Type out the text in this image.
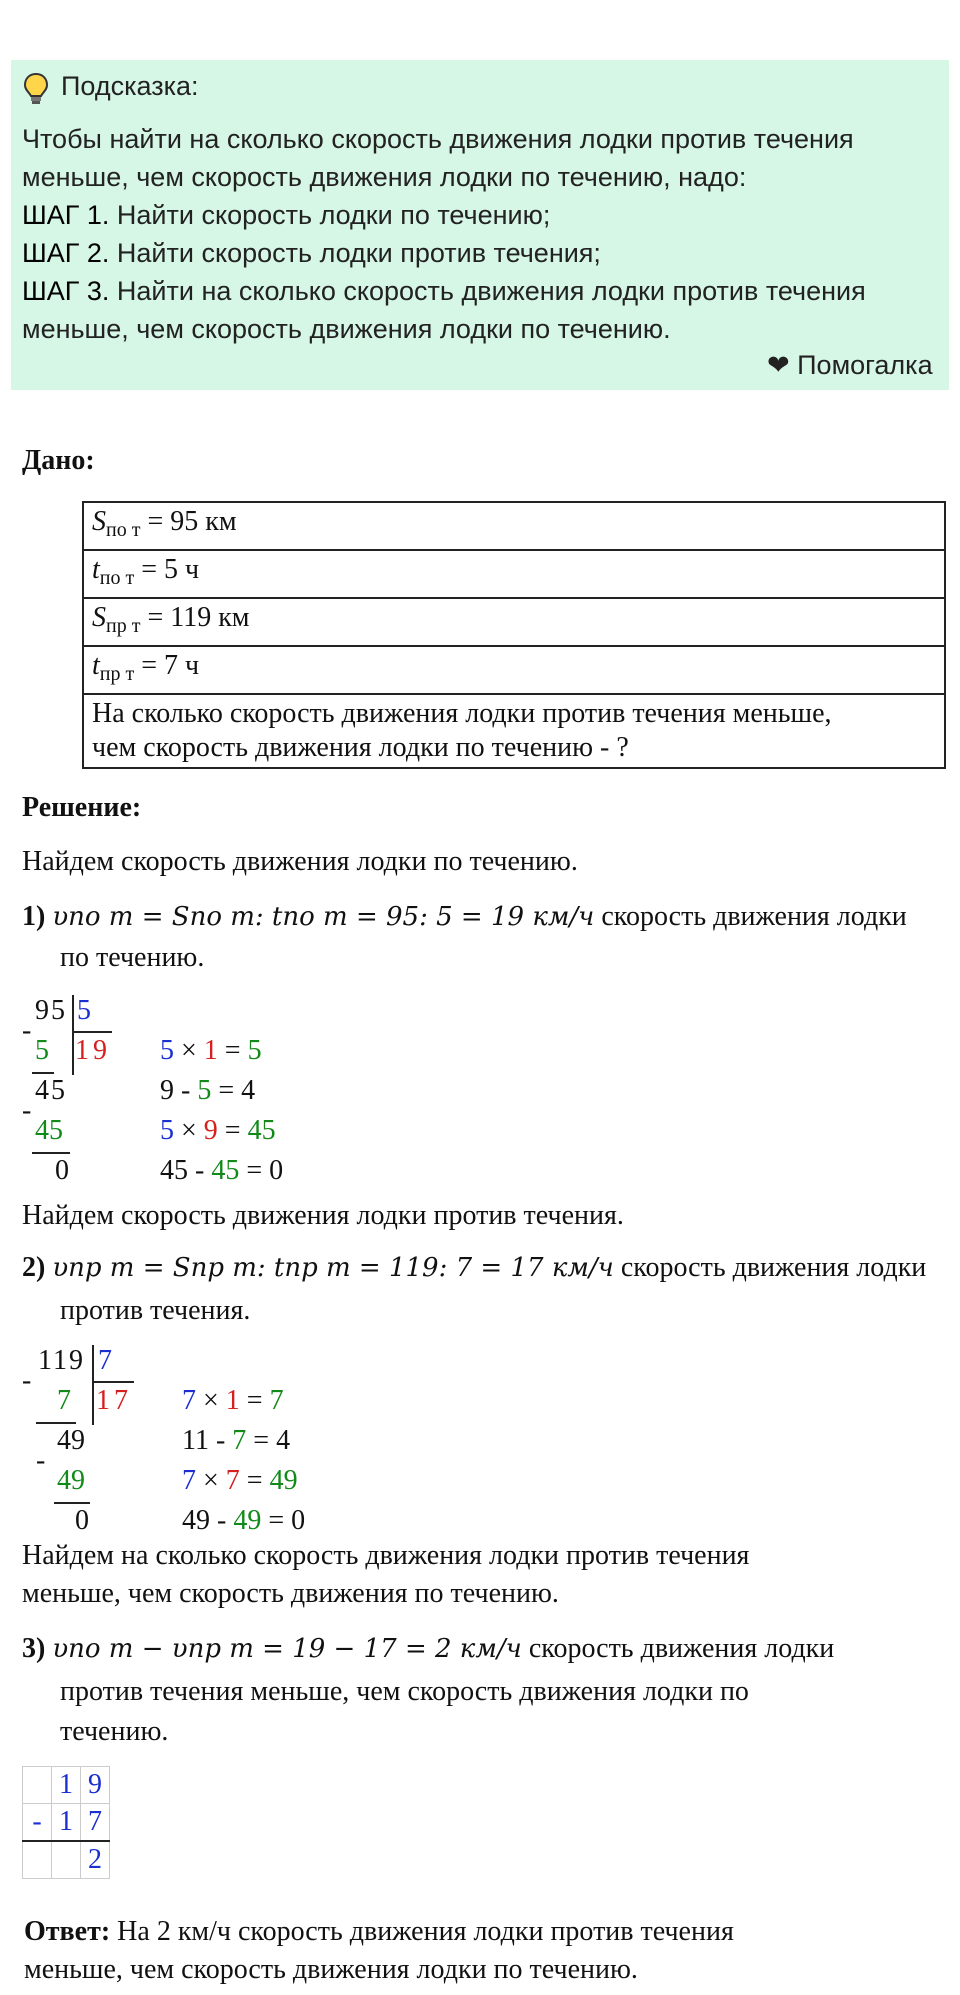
Подсказка:
Чтобы найти на сколько скорость движения лодки против течения
меньше, чем скорость движения лодки по течению, надо:
ШАГ 1. Найти скорость лодки по течению;
ШАГ 2. Найти скорость лодки против течения;
ШАГ 3. Найти на сколько скорость движения лодки против течения
меньше, чем скорость движения лодки по течению.
❤ Помогалка
Дано:
$S_{по т} = 95$ км
$t_{по т} = 5$ ч
$S_{пр т} = 119$ км
$t_{пр т} = 7$ ч
На сколько скорость движения лодки против течения меньше,
чем скорость движения лодки по течению - ?
Решение:
Найдем скорость движения лодки по течению.
1) υпо т = Sпо т: tпо т = 95: 5 = 19 км/ч скорость движения лодки
по течению.
95 5
19
-
5
45
-
45
0
5 × 1 = 5
9 - 5 = 4
5 × 9 = 45
45 - 45 = 0
Найдем скорость движения лодки против течения.
2) υпр т = Sпр т: tпр т = 119: 7 = 17 км/ч скорость движения лодки
против течения.
119 7
17
-
7
49
-
49
0
7 × 1 = 7
11 - 7 = 4
7 × 7 = 49
49 - 49 = 0
Найдем на сколько скорость движения лодки против течения
меньше, чем скорость движения по течению.
3) υпо т − υпр т = 19 − 17 = 2 км/ч скорость движения лодки
против течения меньше, чем скорость движения лодки по
течению.
	1	9
-	1	7
		2
Ответ: На 2 км/ч скорость движения лодки против течения
меньше, чем скорость движения лодки по течению.
